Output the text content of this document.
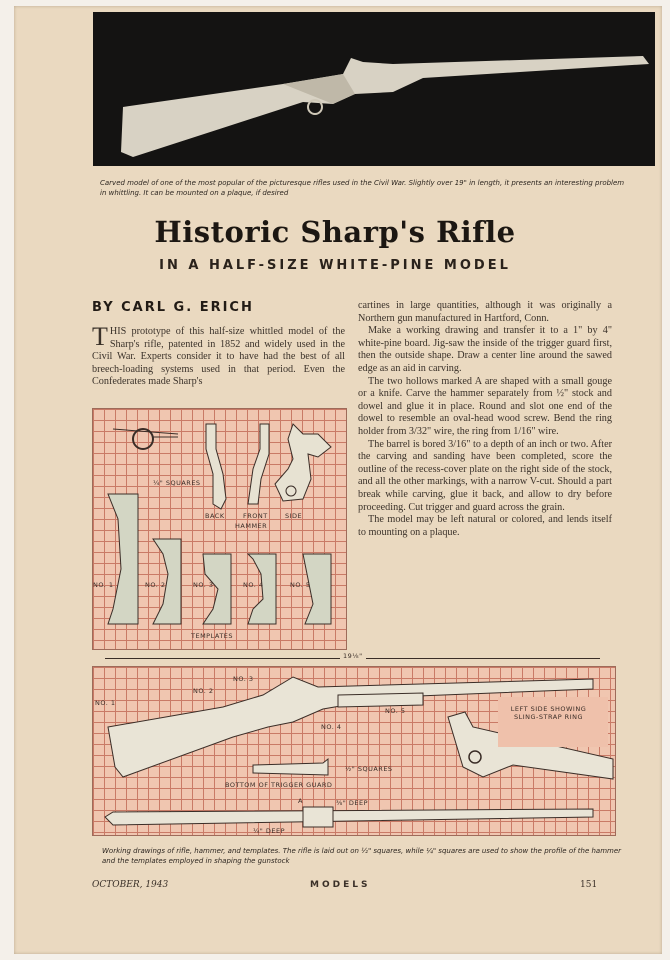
Carved model of one of the most popular of the picturesque rifles used in the Civil War. Slightly over 19" in length, it presents an interesting problem in whittling. It can be mounted on a plaque, if desired
Historic Sharp's Rifle
IN A HALF-SIZE WHITE-PINE MODEL
BY CARL G. ERICH

THIS prototype of this half-size whittled model of the Sharp's rifle, patented in 1852 and widely used in the Civil War. Experts consider it to have had the best of all breech-loading systems used in that period. Even the Confederates made Sharp's

cartines in large quantities, although it was originally a Northern gun manufactured in Hartford, Conn.

Make a working drawing and transfer it to a 1" by 4" white-pine board. Jig-saw the inside of the trigger guard first, then the outside shape. Draw a center line around the sawed edge as an aid in carving.

The two hollows marked A are shaped with a small gouge or a knife. Carve the hammer separately from ½" stock and dowel and glue it in place. Round and slot one end of the dowel to resemble an oval-head wood screw. Bend the ring holder from 3/32" wire, the ring from 1/16" wire.

The barrel is bored 3/16" to a depth of an inch or two. After the carving and sanding have been completed, score the outline of the recess-cover plate on the right side of the stock, and all the other markings, with a narrow V-cut. Should a part break while carving, glue it back, and allow to dry before proceeding. Cut trigger and guard across the grain.

The model may be left natural or colored, and lends itself to mounting on a plaque.

¼" SQUARES
BACK	FRONT	SIDE
HAMMER
NO. 1	NO. 2	NO. 3	NO. 4	NO. 5
TEMPLATES
19⅛"
NO. 1
NO. 2
NO. 3
NO. 4
NO. 5	LEFT SIDE SHOWING SLING-STRAP RING
½" SQUARES
BOTTOM OF TRIGGER GUARD
A	⅜" DEEP
¼" DEEP
Working drawings of rifle, hammer, and templates. The rifle is laid out on ½" squares, while ¼" squares are used to show the profile of the hammer and the templates employed in shaping the gunstock
OCTOBER, 1943	MODELS	151
